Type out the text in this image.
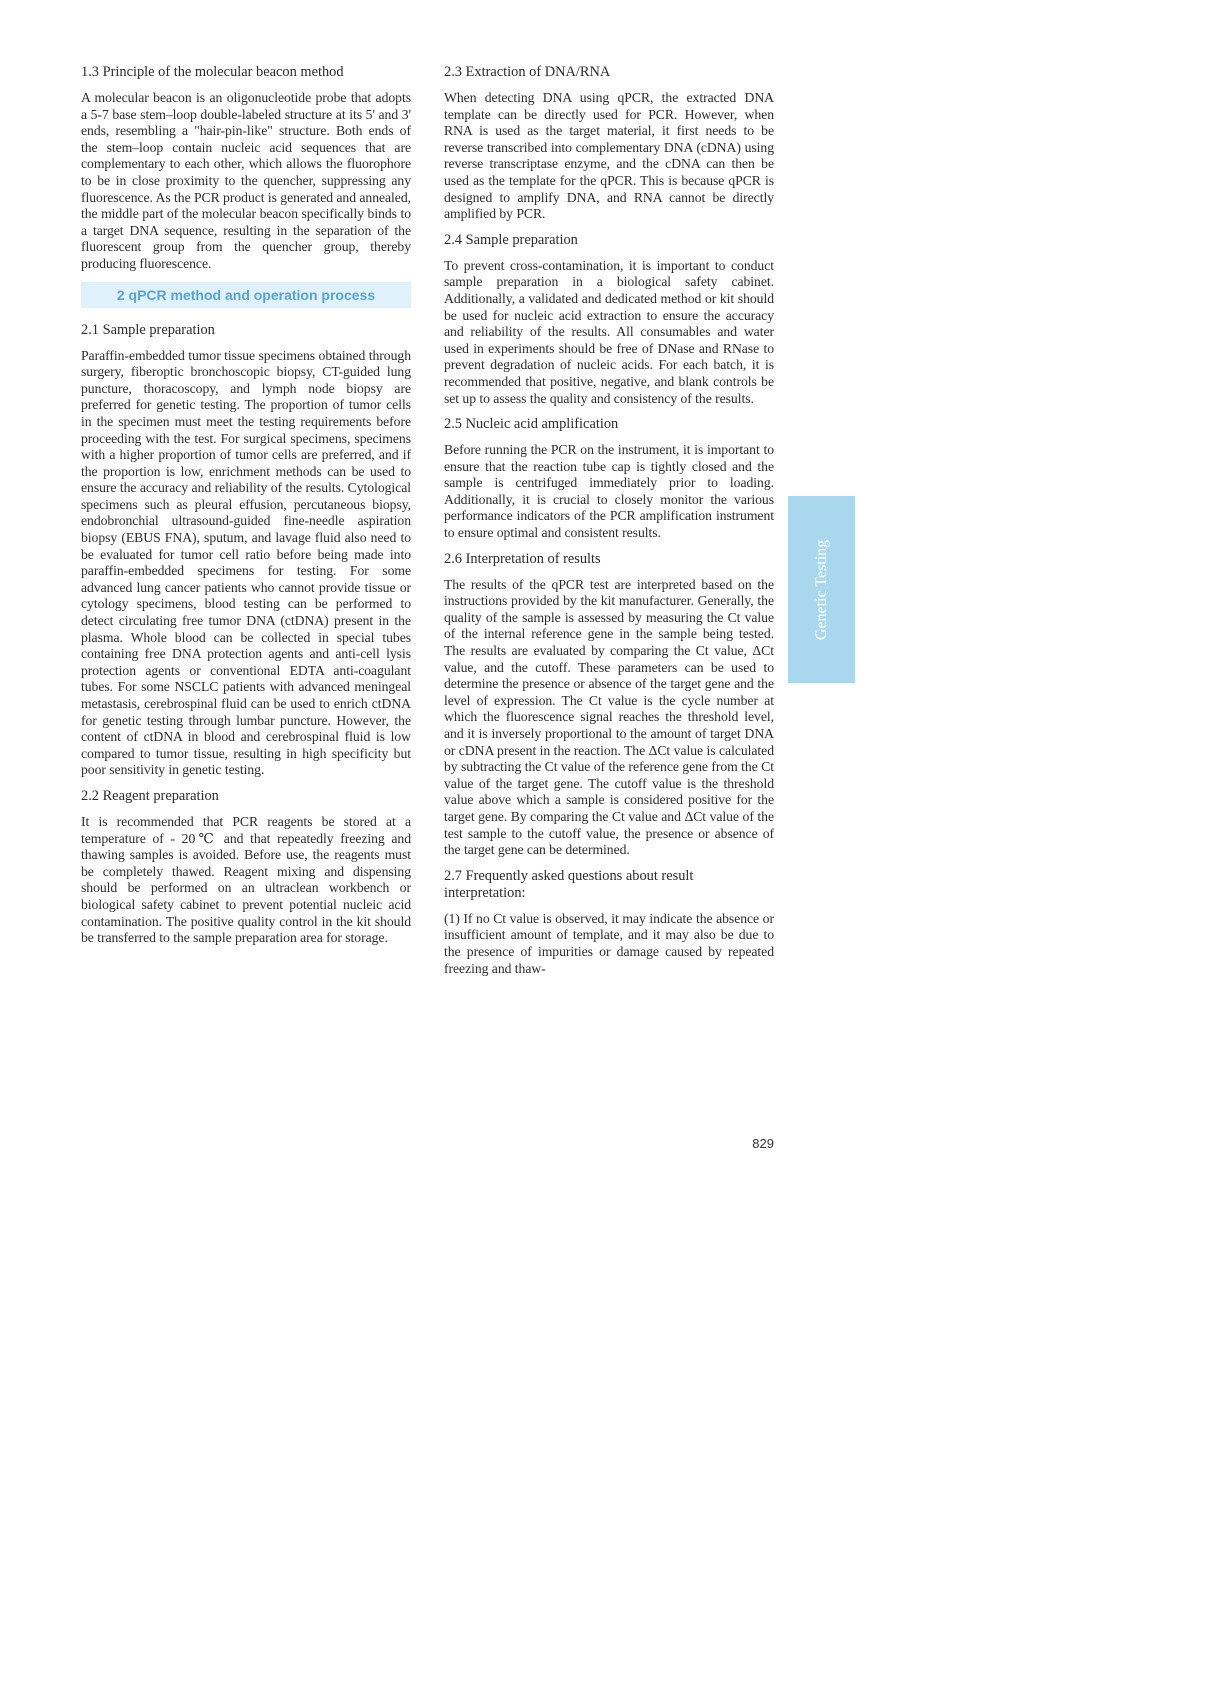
1.3 Principle of the molecular beacon method
A molecular beacon is an oligonucleotide probe that adopts a 5-7 base stem–loop double-labeled structure at its 5' and 3' ends, resembling a "hair-pin-like" structure. Both ends of the stem–loop contain nucleic acid sequences that are complementary to each other, which allows the fluorophore to be in close proximity to the quencher, suppressing any fluorescence. As the PCR product is generated and annealed, the middle part of the molecular beacon specifically binds to a target DNA sequence, resulting in the separation of the fluorescent group from the quencher group, thereby producing fluorescence.
2 qPCR method and operation process
2.1 Sample preparation
Paraffin-embedded tumor tissue specimens obtained through surgery, fiberoptic bronchoscopic biopsy, CT-guided lung puncture, thoracoscopy, and lymph node biopsy are preferred for genetic testing. The proportion of tumor cells in the specimen must meet the testing requirements before proceeding with the test. For surgical specimens, specimens with a higher proportion of tumor cells are preferred, and if the proportion is low, enrichment methods can be used to ensure the accuracy and reliability of the results. Cytological specimens such as pleural effusion, percutaneous biopsy, endobronchial ultrasound-guided fine-needle aspiration biopsy (EBUS FNA), sputum, and lavage fluid also need to be evaluated for tumor cell ratio before being made into paraffin-embedded specimens for testing. For some advanced lung cancer patients who cannot provide tissue or cytology specimens, blood testing can be performed to detect circulating free tumor DNA (ctDNA) present in the plasma. Whole blood can be collected in special tubes containing free DNA protection agents and anti-cell lysis protection agents or conventional EDTA anti-coagulant tubes. For some NSCLC patients with advanced meningeal metastasis, cerebrospinal fluid can be used to enrich ctDNA for genetic testing through lumbar puncture. However, the content of ctDNA in blood and cerebrospinal fluid is low compared to tumor tissue, resulting in high specificity but poor sensitivity in genetic testing.
2.2 Reagent preparation
It is recommended that PCR reagents be stored at a temperature of - 20℃ and that repeatedly freezing and thawing samples is avoided. Before use, the reagents must be completely thawed. Reagent mixing and dispensing should be performed on an ultraclean workbench or biological safety cabinet to prevent potential nucleic acid contamination. The positive quality control in the kit should be transferred to the sample preparation area for storage.
2.3 Extraction of DNA/RNA
When detecting DNA using qPCR, the extracted DNA template can be directly used for PCR. However, when RNA is used as the target material, it first needs to be reverse transcribed into complementary DNA (cDNA) using reverse transcriptase enzyme, and the cDNA can then be used as the template for the qPCR. This is because qPCR is designed to amplify DNA, and RNA cannot be directly amplified by PCR.
2.4 Sample preparation
To prevent cross-contamination, it is important to conduct sample preparation in a biological safety cabinet. Additionally, a validated and dedicated method or kit should be used for nucleic acid extraction to ensure the accuracy and reliability of the results. All consumables and water used in experiments should be free of DNase and RNase to prevent degradation of nucleic acids. For each batch, it is recommended that positive, negative, and blank controls be set up to assess the quality and consistency of the results.
2.5 Nucleic acid amplification
Before running the PCR on the instrument, it is important to ensure that the reaction tube cap is tightly closed and the sample is centrifuged immediately prior to loading. Additionally, it is crucial to closely monitor the various performance indicators of the PCR amplification instrument to ensure optimal and consistent results.
2.6 Interpretation of results
The results of the qPCR test are interpreted based on the instructions provided by the kit manufacturer. Generally, the quality of the sample is assessed by measuring the Ct value of the internal reference gene in the sample being tested. The results are evaluated by comparing the Ct value, ΔCt value, and the cutoff. These parameters can be used to determine the presence or absence of the target gene and the level of expression. The Ct value is the cycle number at which the fluorescence signal reaches the threshold level, and it is inversely proportional to the amount of target DNA or cDNA present in the reaction. The ΔCt value is calculated by subtracting the Ct value of the reference gene from the Ct value of the target gene. The cutoff value is the threshold value above which a sample is considered positive for the target gene. By comparing the Ct value and ΔCt value of the test sample to the cutoff value, the presence or absence of the target gene can be determined.
2.7 Frequently asked questions about result interpretation:
(1) If no Ct value is observed, it may indicate the absence or insufficient amount of template, and it may also be due to the presence of impurities or damage caused by repeated freezing and thaw-
Genetic Testing
829
